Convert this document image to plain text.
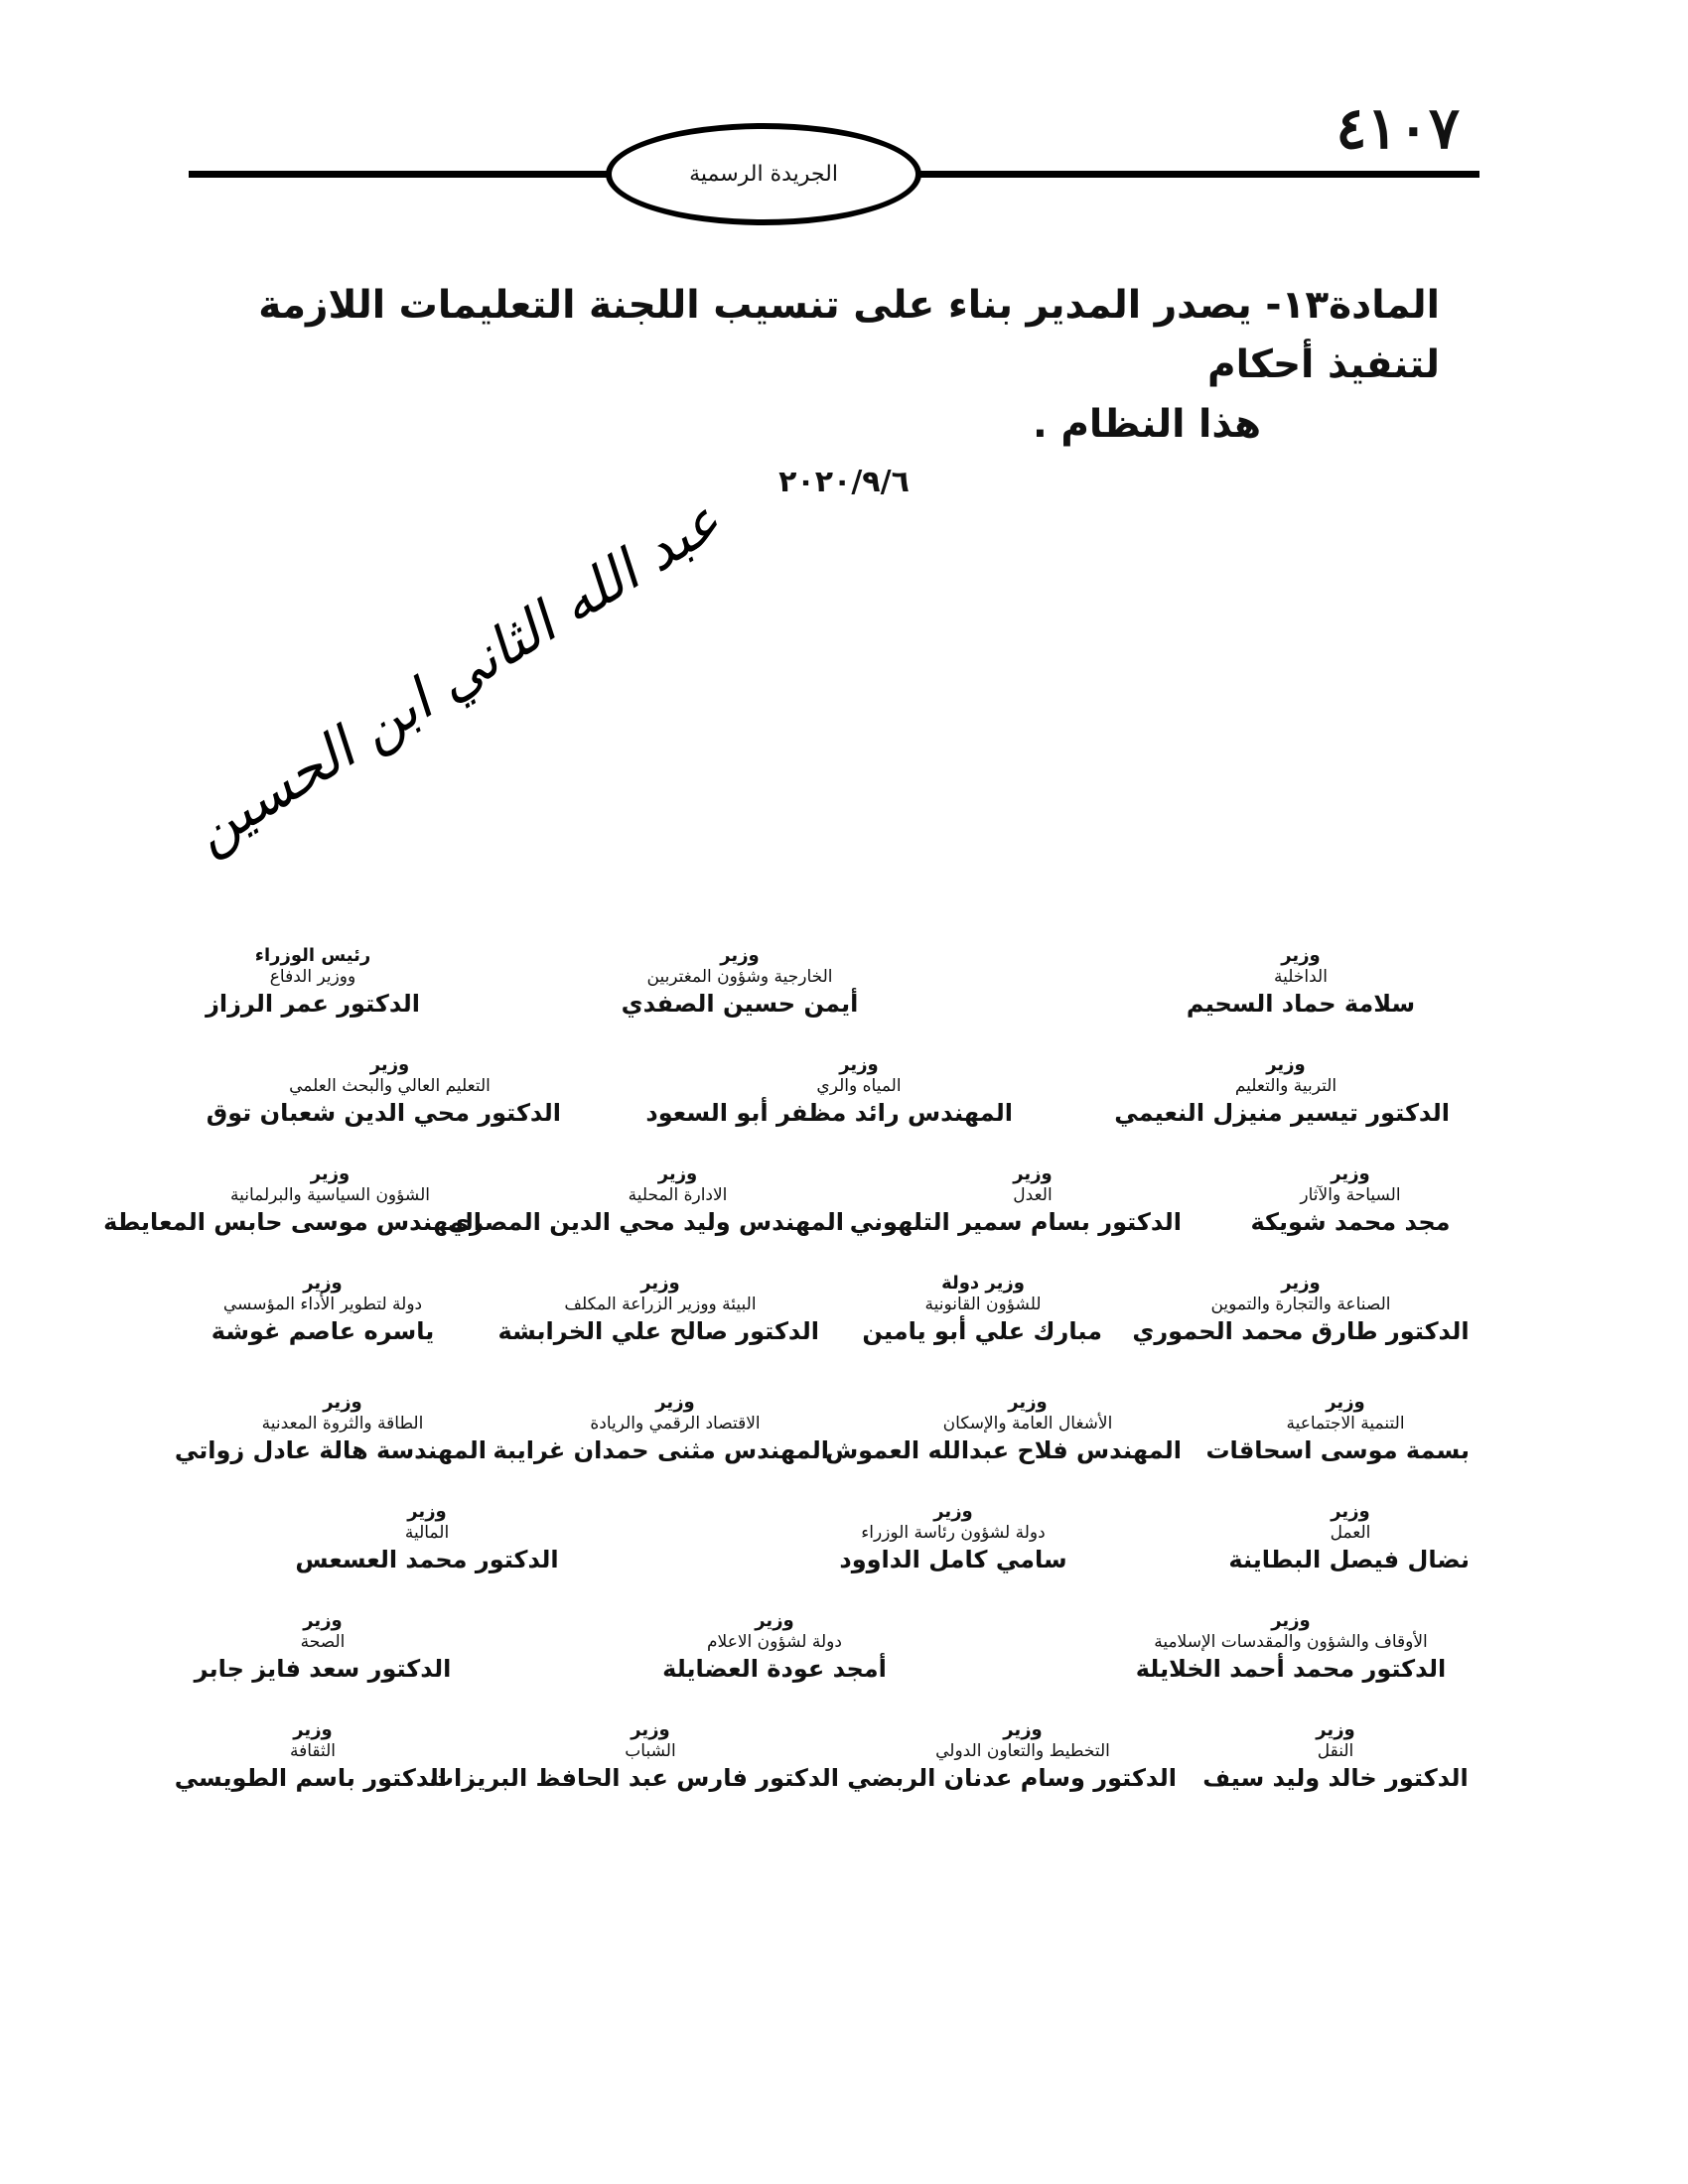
٤١٠٧
الجريدة الرسمية
المادة١٣- يصدر المدير بناء على تنسيب اللجنة التعليمات اللازمة لتنفيذ أحكام
هذا النظام .
٢٠٢٠/٩/٦
عبد الله الثاني ابن الحسين
وزير
الداخلية
سلامة حماد السحيم
وزير
الخارجية وشؤون المغتربين
أيمن حسين الصفدي
رئيس الوزراء
ووزير الدفاع
الدكتور عمر الرزاز
وزير
التربية والتعليم
الدكتور تيسير منيزل النعيمي
وزير
المياه والري
المهندس رائد مظفر أبو السعود
وزير
التعليم العالي والبحث العلمي
الدكتور محي الدين شعبان توق
وزير
السياحة والآثار
مجد محمد شويكة
وزير
العدل
الدكتور بسام سمير التلهوني
وزير
الادارة المحلية
المهندس وليد محي الدين المصري
وزير
الشؤون السياسية والبرلمانية
المهندس موسى حابس المعايطة
وزير
الصناعة والتجارة والتموين
الدكتور طارق محمد الحموري
وزير دولة
للشؤون القانونية
مبارك علي أبو يامين
وزير
البيئة ووزير الزراعة المكلف
الدكتور صالح علي الخرابشة
وزير
دولة لتطوير الأداء المؤسسي
ياسره عاصم غوشة
وزير
التنمية الاجتماعية
بسمة موسى اسحاقات
وزير
الأشغال العامة والإسكان
المهندس فلاح عبدالله العموش
وزير
الاقتصاد الرقمي والريادة
المهندس مثنى حمدان غرايبة
وزير
الطاقة والثروة المعدنية
المهندسة هالة عادل زواتي
وزير
العمل
نضال فيصل البطاينة
وزير
دولة لشؤون رئاسة الوزراء
سامي كامل الداوود
وزير
المالية
الدكتور محمد العسعس
وزير
الأوقاف والشؤون والمقدسات الإسلامية
الدكتور محمد أحمد الخلايلة
وزير
دولة لشؤون الاعلام
أمجد عودة العضايلة
وزير
الصحة
الدكتور سعد فايز جابر
وزير
النقل
الدكتور خالد وليد سيف
وزير
التخطيط والتعاون الدولي
الدكتور وسام عدنان الربضي
وزير
الشباب
الدكتور فارس عبد الحافظ البريزات
وزير
الثقافة
الدكتور باسم الطويسي
